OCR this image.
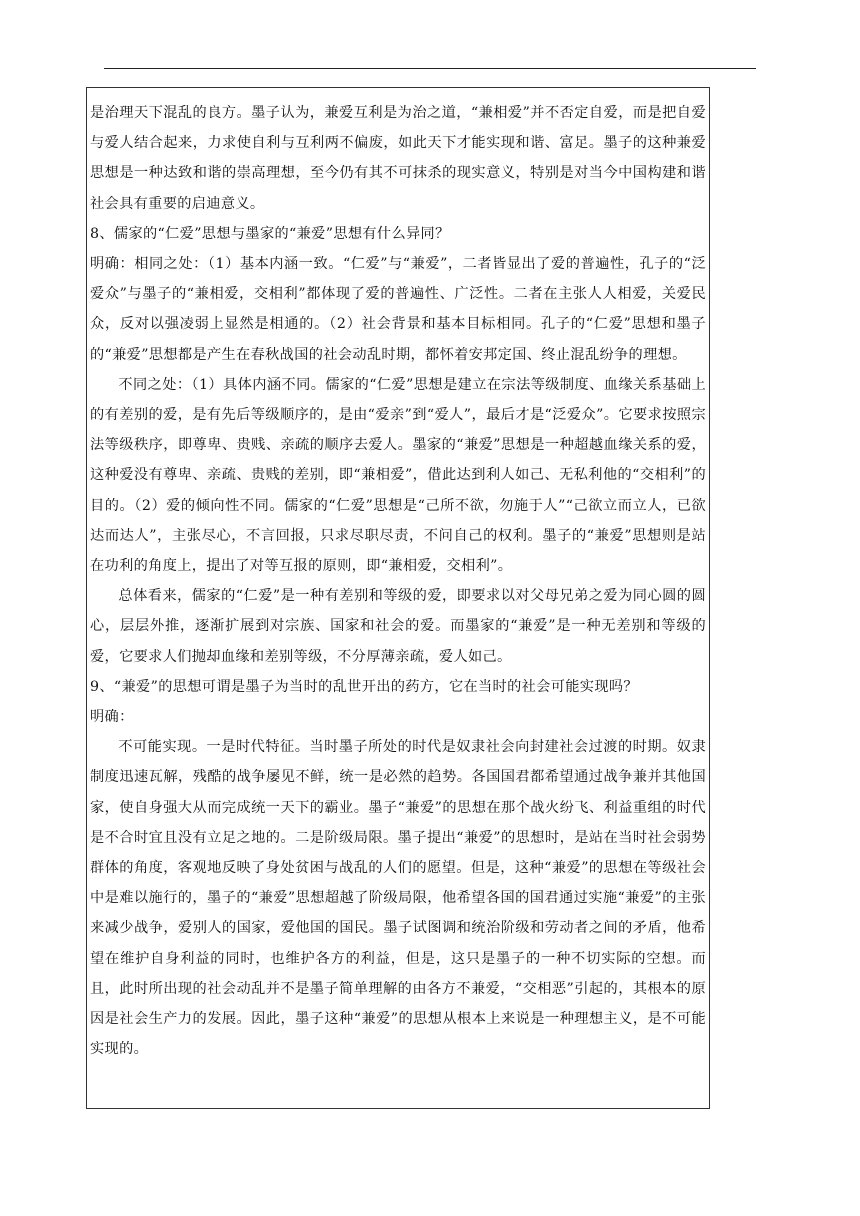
是治理天下混乱的良方。墨子认为，兼爱互利是为治之道，“兼相爱”并不否定自爱，而是把自爱与爱人结合起来，力求使自利与互利两不偏废，如此天下才能实现和谐、富足。墨子的这种兼爱思想是一种达致和谐的崇高理想，至今仍有其不可抹杀的现实意义，特别是对当今中国构建和谐社会具有重要的启迪意义。

8、儒家的“仁爱”思想与墨家的“兼爱”思想有什么异同？

明确：相同之处：（1）基本内涵一致。“仁爱”与“兼爱”，二者皆显出了爱的普遍性，孔子的“泛爱众”与墨子的“兼相爱，交相利”都体现了爱的普遍性、广泛性。二者在主张人人相爱，关爱民众，反对以强凌弱上显然是相通的。（2）社会背景和基本目标相同。孔子的“仁爱”思想和墨子的“兼爱”思想都是产生在春秋战国的社会动乱时期，都怀着安邦定国、终止混乱纷争的理想。

不同之处：（1）具体内涵不同。儒家的“仁爱”思想是建立在宗法等级制度、血缘关系基础上的有差别的爱，是有先后等级顺序的，是由“爱亲”到“爱人”，最后才是“泛爱众”。它要求按照宗法等级秩序，即尊卑、贵贱、亲疏的顺序去爱人。墨家的“兼爱”思想是一种超越血缘关系的爱，这种爱没有尊卑、亲疏、贵贱的差别，即“兼相爱”，借此达到利人如己、无私利他的“交相利”的目的。（2）爱的倾向性不同。儒家的“仁爱”思想是“己所不欲，勿施于人”“己欲立而立人，已欲达而达人”，主张尽心，不言回报，只求尽职尽责，不问自己的权利。墨子的“兼爱”思想则是站在功利的角度上，提出了对等互报的原则，即“兼相爱，交相利”。

总体看来，儒家的“仁爱”是一种有差别和等级的爱，即要求以对父母兄弟之爱为同心圆的圆心，层层外推，逐渐扩展到对宗族、国家和社会的爱。而墨家的“兼爱”是一种无差别和等级的爱，它要求人们抛却血缘和差别等级，不分厚薄亲疏，爱人如己。

9、“兼爱”的思想可谓是墨子为当时的乱世开出的药方，它在当时的社会可能实现吗？

明确：

不可能实现。一是时代特征。当时墨子所处的时代是奴隶社会向封建社会过渡的时期。奴隶制度迅速瓦解，残酷的战争屡见不鲜，统一是必然的趋势。各国国君都希望通过战争兼并其他国家，使自身强大从而完成统一天下的霸业。墨子“兼爱”的思想在那个战火纷飞、利益重组的时代是不合时宜且没有立足之地的。二是阶级局限。墨子提出“兼爱”的思想时，是站在当时社会弱势群体的角度，客观地反映了身处贫困与战乱的人们的愿望。但是，这种“兼爱”的思想在等级社会中是难以施行的，墨子的“兼爱”思想超越了阶级局限，他希望各国的国君通过实施“兼爱”的主张来减少战争，爱别人的国家，爱他国的国民。墨子试图调和统治阶级和劳动者之间的矛盾，他希望在维护自身利益的同时，也维护各方的利益，但是，这只是墨子的一种不切实际的空想。而且，此时所出现的社会动乱并不是墨子简单理解的由各方不兼爱，“交相恶”引起的，其根本的原因是社会生产力的发展。因此，墨子这种“兼爱”的思想从根本上来说是一种理想主义，是不可能实现的。
